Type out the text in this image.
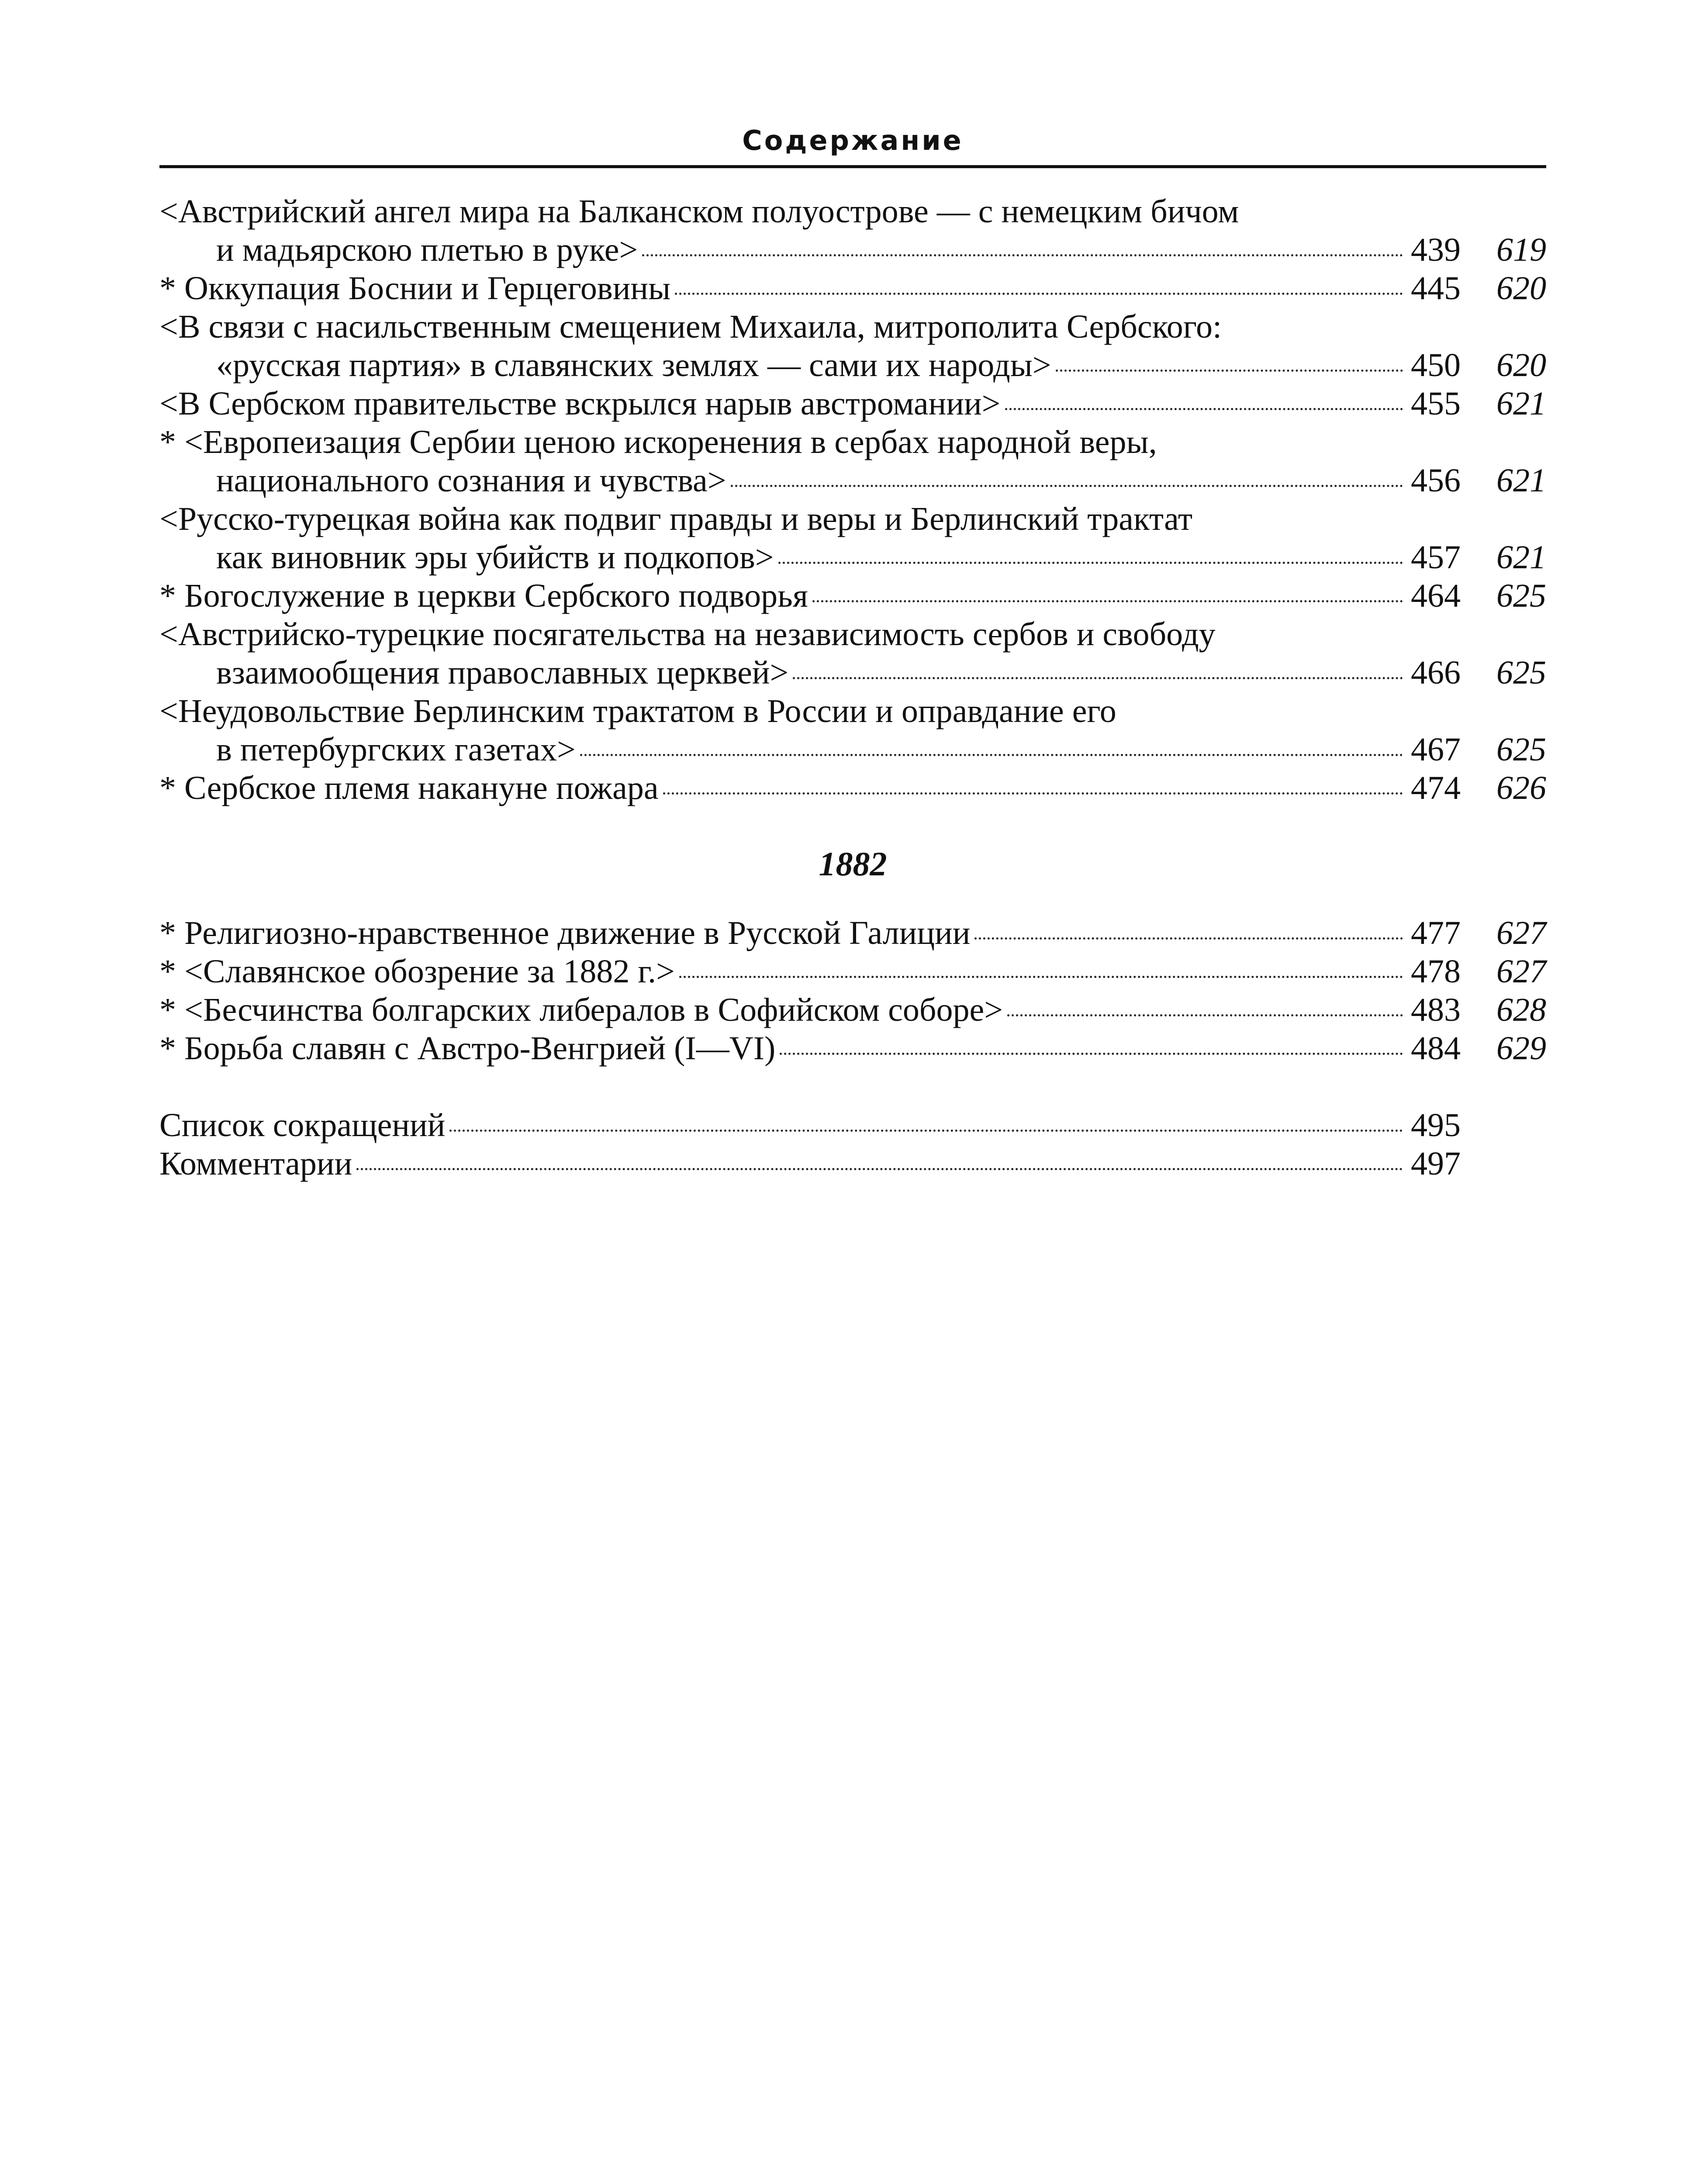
Содержание
<Австрийский ангел мира на Балканском полуострове — с немецким бичом
и мадьярскою плетью в руке>	439	619
* Оккупация Боснии и Герцеговины	445	620
<В связи с насильственным смещением Михаила, митрополита Сербского:
«русская партия» в славянских землях — сами их народы>	450	620
<В Сербском правительстве вскрылся нарыв австромании>	455	621
* <Европеизация Сербии ценою искоренения в сербах народной веры,
национального сознания и чувства>	456	621
<Русско-турецкая война как подвиг правды и веры и Берлинский трактат
как виновник эры убийств и подкопов>	457	621
* Богослужение в церкви Сербского подворья	464	625
<Австрийско-турецкие посягательства на независимость сербов и свободу
взаимообщения православных церквей>	466	625
<Неудовольствие Берлинским трактатом в России и оправдание его
в петербургских газетах>	467	625
* Сербское племя накануне пожара	474	626
1882
* Религиозно-нравственное движение в Русской Галиции	477	627
* <Славянское обозрение за 1882 г.>	478	627
* <Бесчинства болгарских либералов в Софийском соборе>	483	628
* Борьба славян с Австро-Венгрией (I—VI)	484	629
Список сокращений	495
Комментарии	497
